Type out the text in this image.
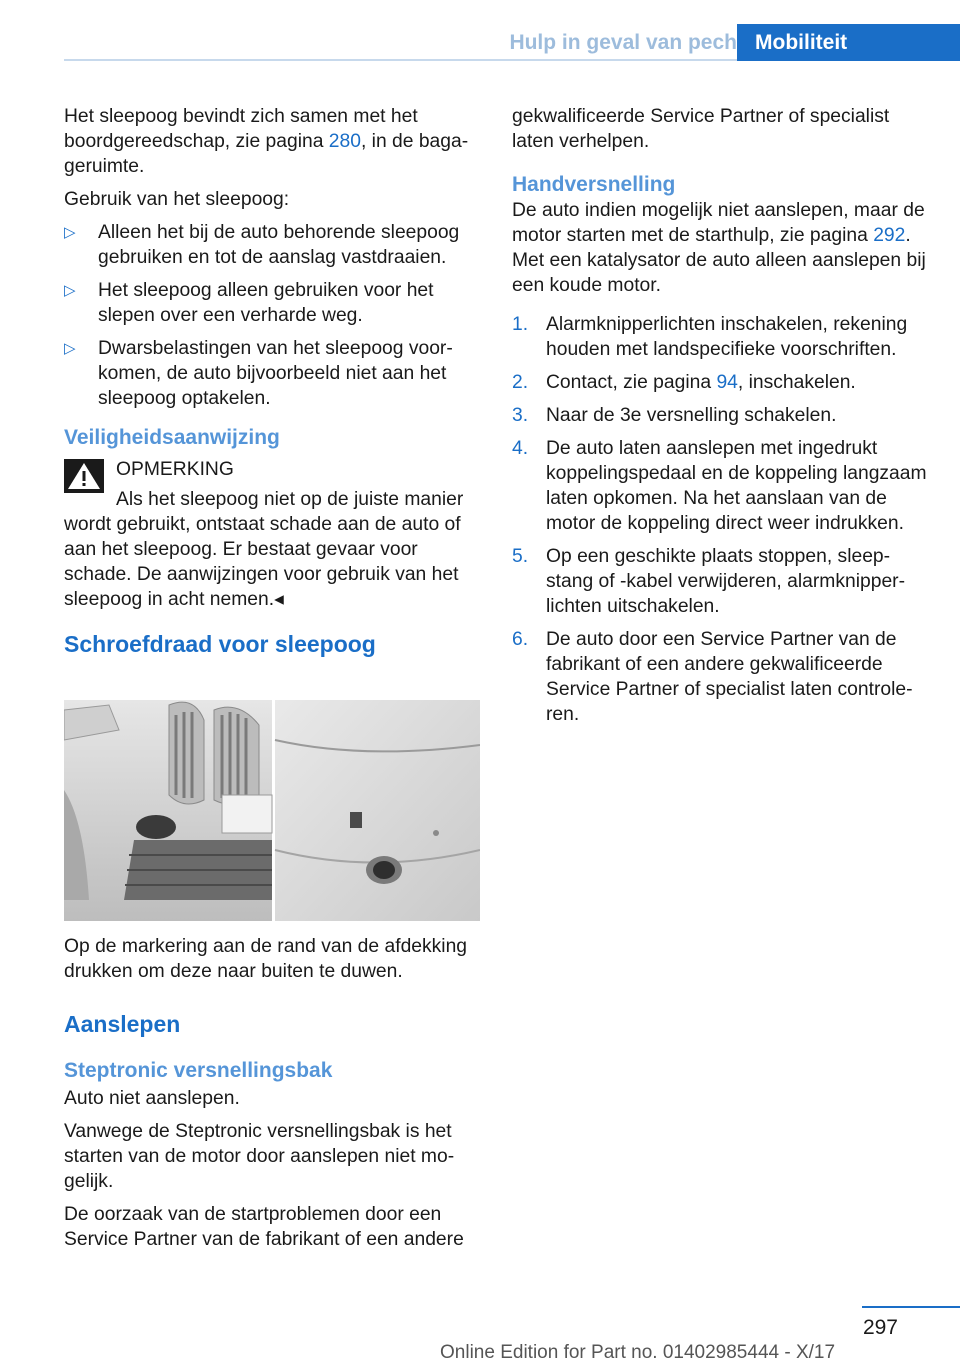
Hulp in geval van pech Mobiliteit

Het sleepoog bevindt zich samen met het boordgereedschap, zie pagina 280, in de bagageruimte.

Gebruik van het sleepoog:

▷ Alleen het bij de auto behorende sleepoog gebruiken en tot de aanslag vastdraaien.
▷ Het sleepoog alleen gebruiken voor het slepen over een verharde weg.
▷ Dwarsbelastingen van het sleepoog voorkomen, de auto bijvoorbeeld niet aan het sleepoog optakelen.
Veiligheidsaanwijzing
OPMERKING
Als het sleepoog niet op de juiste manier wordt gebruikt, ontstaat schade aan de auto of aan het sleepoog. Er bestaat gevaar voor schade. De aanwijzingen voor gebruik van het sleepoog in acht nemen.◂
Schroefdraad voor sleepoog

Op de markering aan de rand van de afdekking drukken om deze naar buiten te duwen.

Aanslepen
Steptronic versnellingsbak

Auto niet aanslepen.

Vanwege de Steptronic versnellingsbak is het starten van de motor door aanslepen niet mogelijk.

De oorzaak van de startproblemen door een Service Partner van de fabrikant of een andere

gekwalificeerde Service Partner of specialist laten verhelpen.

Handversnelling

De auto indien mogelijk niet aanslepen, maar de motor starten met de starthulp, zie pagina 292. Met een katalysator de auto alleen aanslepen bij een koude motor.

1. Alarmknipperlichten inschakelen, rekening houden met landspecifieke voorschriften.
2. Contact, zie pagina 94, inschakelen.
3. Naar de 3e versnelling schakelen.
4. De auto laten aanslepen met ingedrukt koppelingspedaal en de koppeling langzaam laten opkomen. Na het aanslaan van de motor de koppeling direct weer indrukken.
5. Op een geschikte plaats stoppen, sleepstang of -kabel verwijderen, alarmknipperlichten uitschakelen.
6. De auto door een Service Partner van de fabrikant of een andere gekwalificeerde Service Partner of specialist laten controleren.
297
Online Edition for Part no. 01402985444 - X/17
